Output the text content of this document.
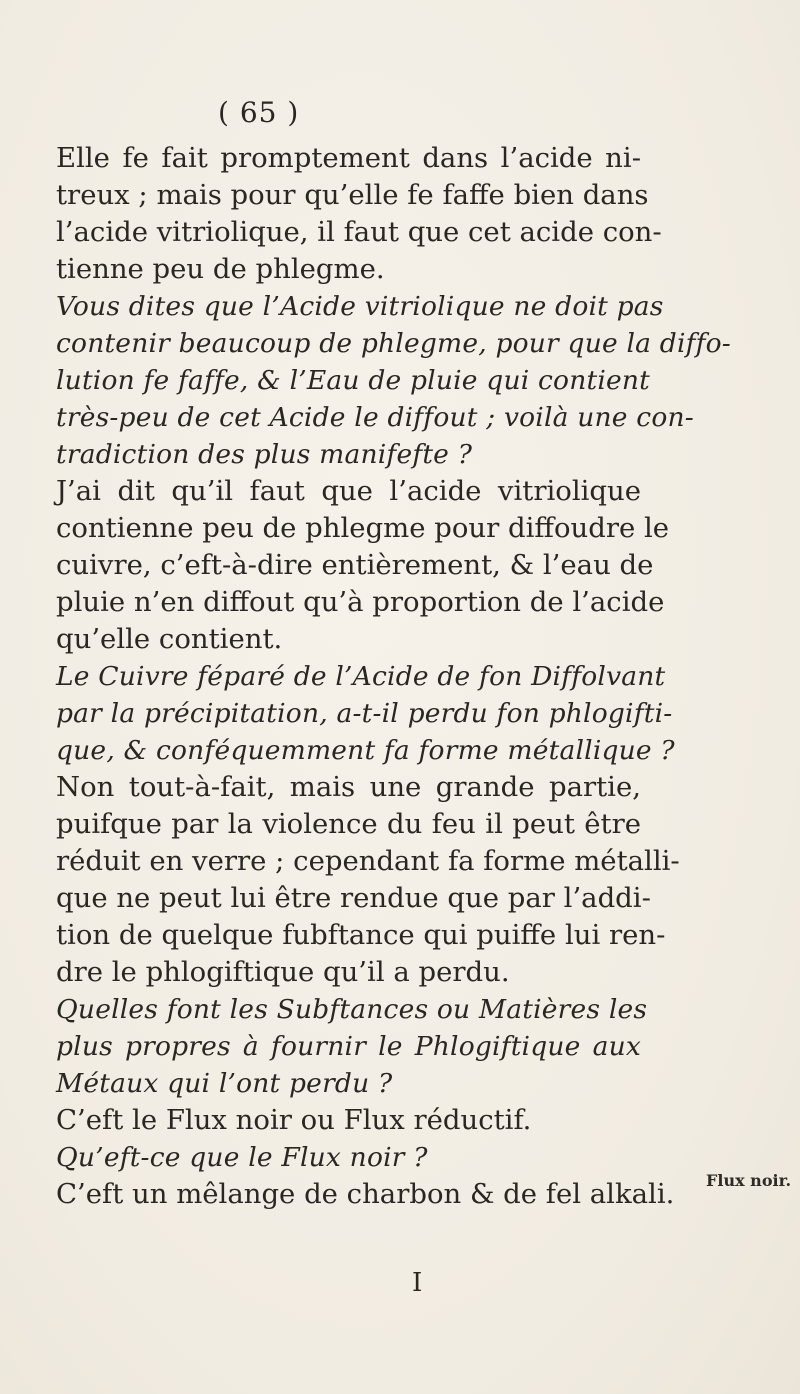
( 65 )
Elle fe fait promptement dans l’acide ni-
treux ; mais pour qu’elle fe faffe bien dans
l’acide vitriolique, il faut que cet acide con-
tienne peu de phlegme.
Vous dites que l’Acide vitriolique ne doit pas
contenir beaucoup de phlegme, pour que la diffo-
lution fe faffe, & l’Eau de pluie qui contient
très-peu de cet Acide le diffout ; voilà une con-
tradiction des plus manifefte ?
J’ai dit qu’il faut que l’acide vitriolique
contienne peu de phlegme pour diffoudre le
cuivre, c’eft-à-dire entièrement, & l’eau de
pluie n’en diffout qu’à proportion de l’acide
qu’elle contient.
Le Cuivre féparé de l’Acide de fon Diffolvant
par la précipitation, a-t-il perdu fon phlogifti-
que, & conféquemment fa forme métallique ?
Non tout-à-fait, mais une grande partie,
puifque par la violence du feu il peut être
réduit en verre ; cependant fa forme métalli-
que ne peut lui être rendue que par l’addi-
tion de quelque fubftance qui puiffe lui ren-
dre le phlogiftique qu’il a perdu.
Quelles font les Subftances ou Matières les
plus propres à fournir le Phlogiftique aux
Métaux qui l’ont perdu ?
C’eft le Flux noir ou Flux réductif.
Qu’eft-ce que le Flux noir ?
C’eft un mêlange de charbon & de fel alkali. Flux noir.
I
